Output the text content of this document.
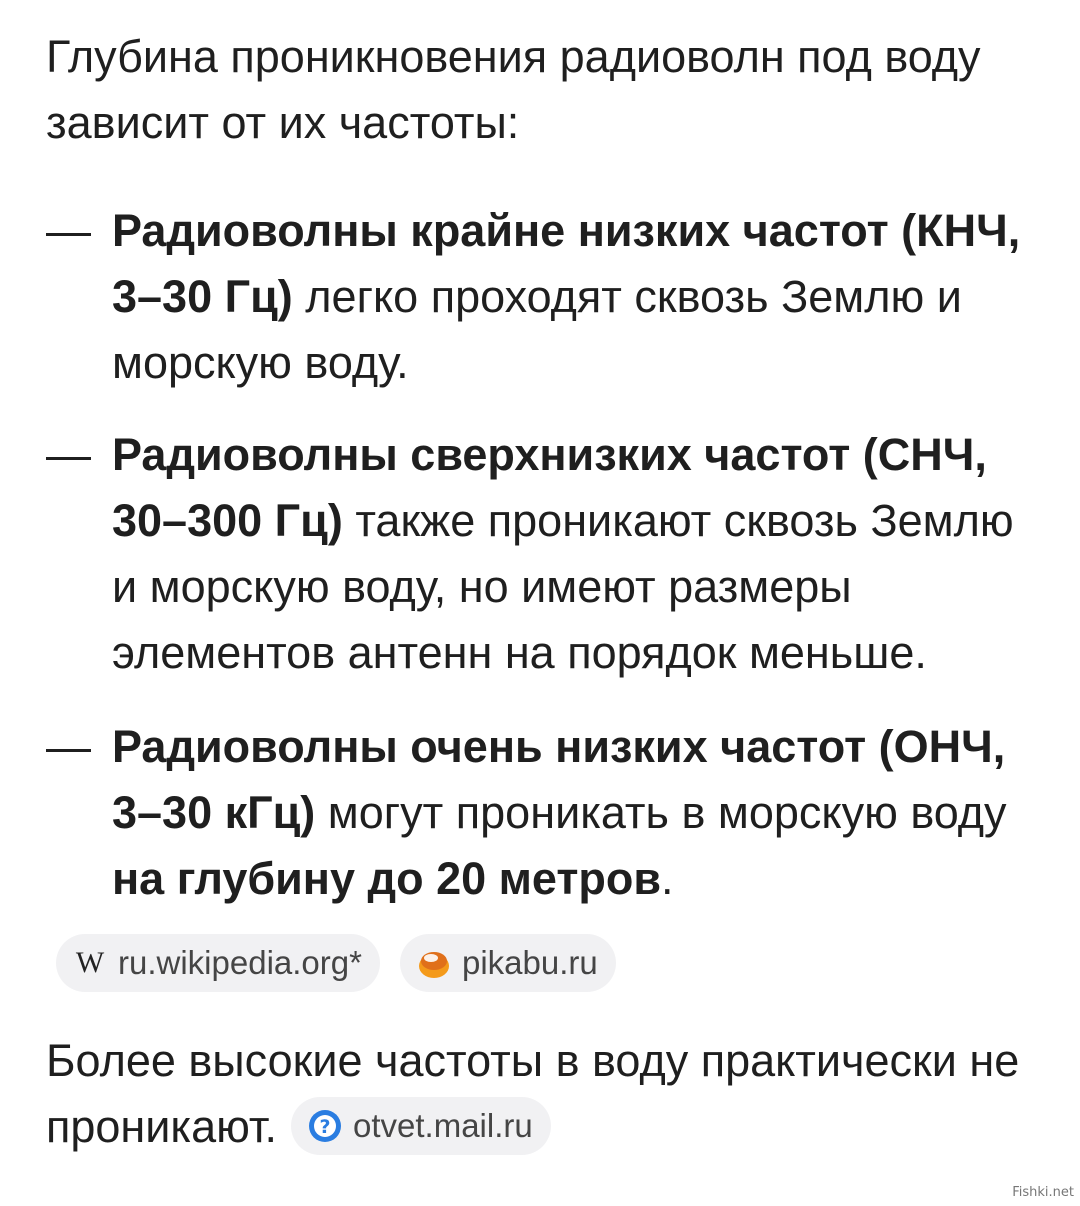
Глубина проникновения радиоволн под воду зависит от их частоты:

— Радиоволны крайне низких частот (КНЧ, 3–30 Гц) легко проходят сквозь Землю и морскую воду.
— Радиоволны сверхнизких частот (СНЧ, 30–300 Гц) также проникают сквозь Землю и морскую воду, но имеют размеры элементов антенн на порядок меньше.
— Радиоволны очень низких частот (ОНЧ, 3–30 кГц) могут проникать в морскую воду на глубину до 20 метров.
W ru.wikipedia.org*	pikabu.ru
Более высокие частоты в воду практически не проникают. ? otvet.mail.ru
Fishki.net
